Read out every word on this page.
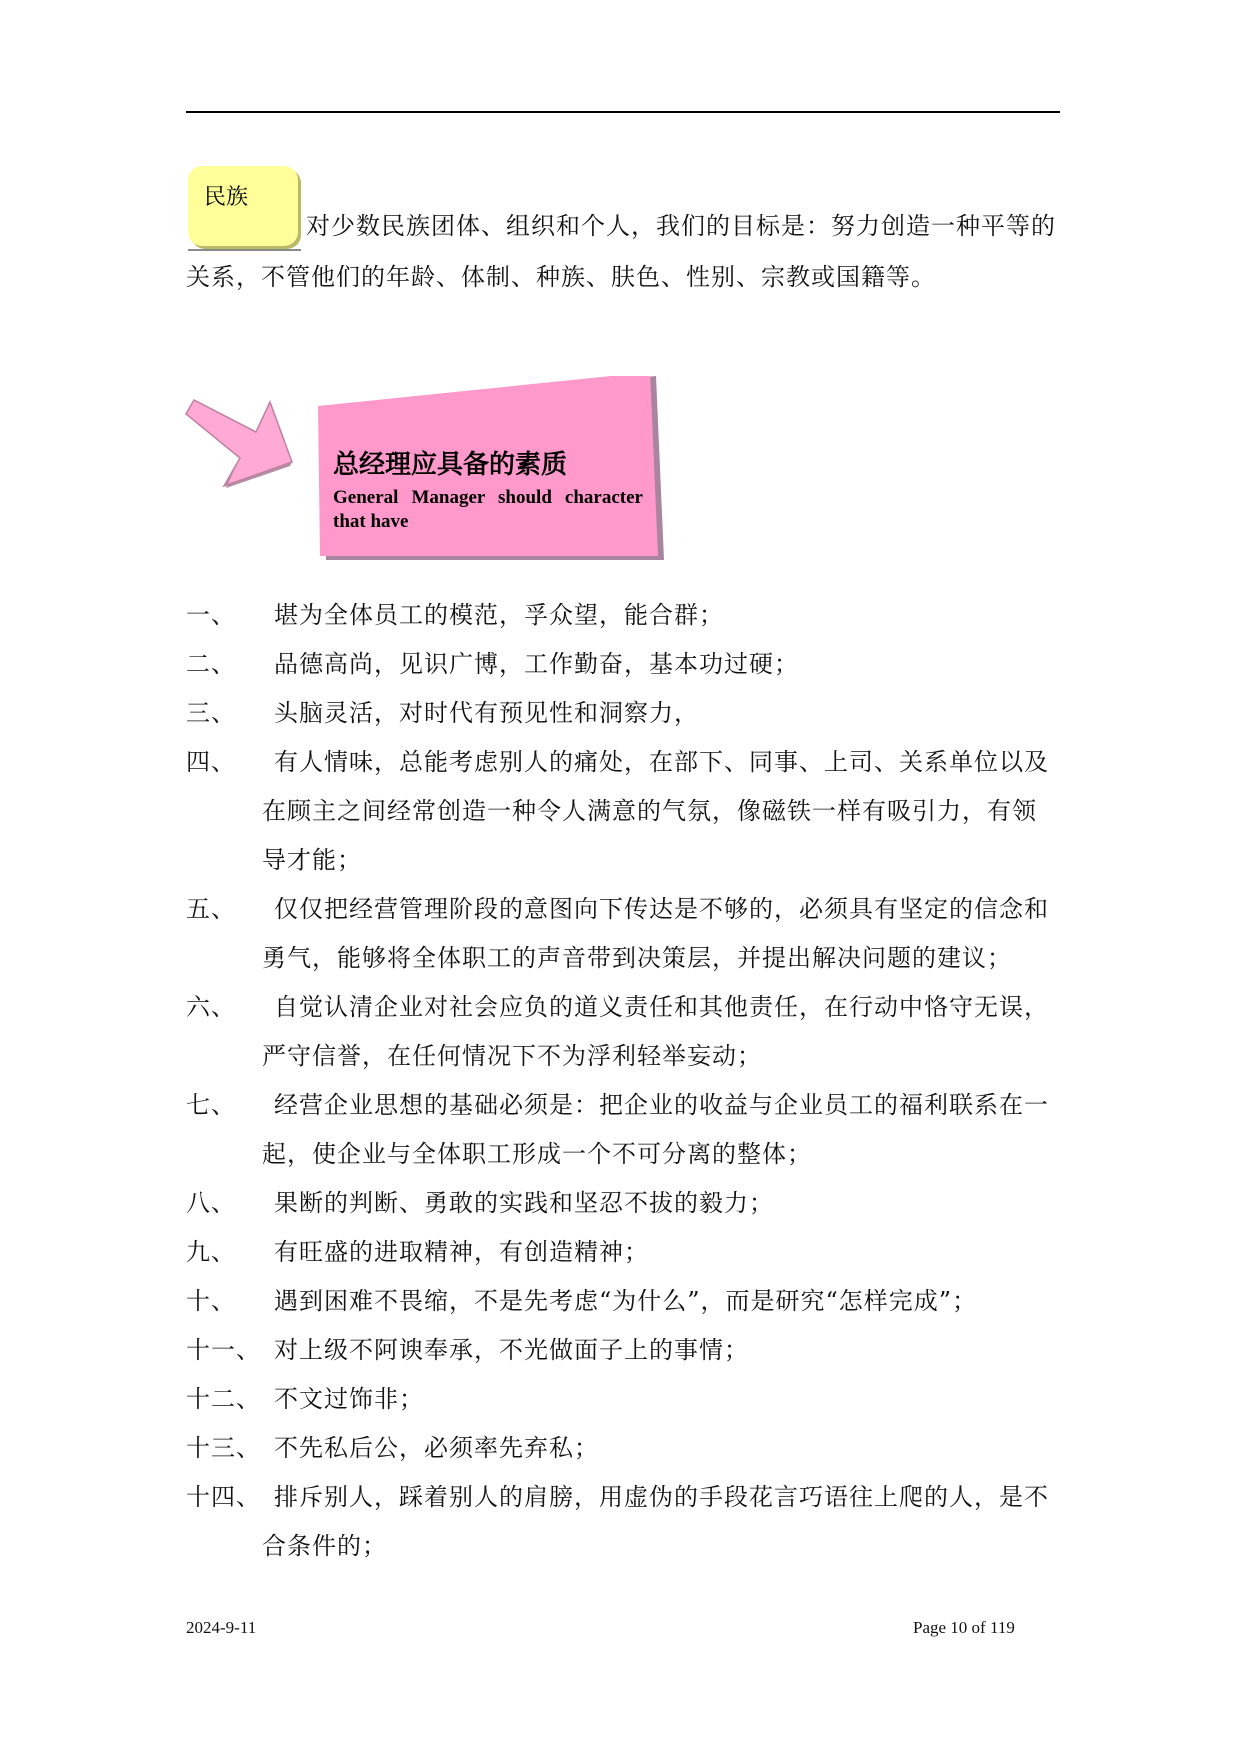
民族

对少数民族团体、组织和个人，我们的目标是：努力创造一种平等的关系，不管他们的年龄、体制、种族、肤色、性别、宗教或国籍等。

总经理应具备的素质
General Manager should character that have
一、	堪为全体员工的模范，孚众望，能合群；
二、	品德高尚，见识广博，工作勤奋，基本功过硬；
三、	头脑灵活，对时代有预见性和洞察力，
四、	有人情味，总能考虑别人的痛处，在部下、同事、上司、关系单位以及在顾主之间经常创造一种令人满意的气氛，像磁铁一样有吸引力，有领导才能；
五、	仅仅把经营管理阶段的意图向下传达是不够的，必须具有坚定的信念和勇气，能够将全体职工的声音带到决策层，并提出解决问题的建议；
六、	自觉认清企业对社会应负的道义责任和其他责任，在行动中恪守无误，严守信誉，在任何情况下不为浮利轻举妄动；
七、	经营企业思想的基础必须是：把企业的收益与企业员工的福利联系在一起，使企业与全体职工形成一个不可分离的整体；
八、	果断的判断、勇敢的实践和坚忍不拔的毅力；
九、	有旺盛的进取精神，有创造精神；
十、	遇到困难不畏缩，不是先考虑“为什么”，而是研究“怎样完成”；
十一、 对上级不阿谀奉承，不光做面子上的事情；
十二、 不文过饰非；
十三、 不先私后公，必须率先弃私；
十四、 排斥别人，踩着别人的肩膀，用虚伪的手段花言巧语往上爬的人，是不合条件的；
2024-9-11	Page 10 of 119
